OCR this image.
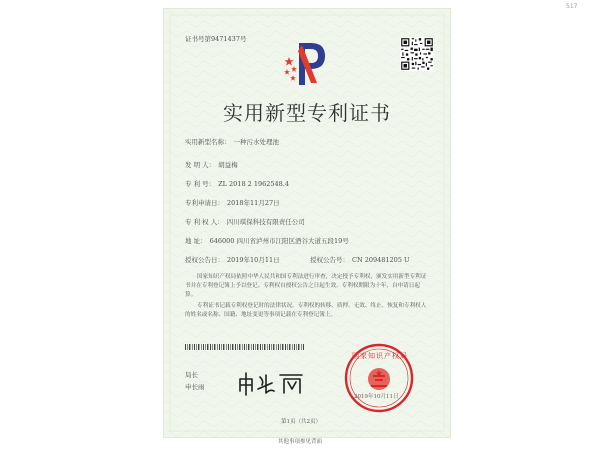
证书号第9471437号
实用新型专利证书
实用新型名称： 一种污水处理池
发 明 人： 胡益梅
专 利 号： ZL 2018 2 1962548.4
专利申请日： 2018年11月27日
专 利 权 人： 四川琪保科技有限责任公司
地 址： 646000 四川省泸州市江阳区酒谷大道五段19号
授权公告日： 2019年10月11日	授权公告号： CN 209481205 U
国家知识产权局依照中华人民共和国专利法进行审查，决定授予专利权，颁发实用新型专利证书并在专利登记簿上予以登记。专利权自授权公告之日起生效。专利权期限为十年，自申请日起算。
专利证书记载专利权登记时的法律状况。专利权的转移、质押、无效、终止、恢复和专利权人的姓名或名称、国籍、地址变更等事项记载在专利登记簿上。
局长
申长雨
国家知识产权局
2019年10月11日
第1页（共2页）
其他事项参见背面
517
